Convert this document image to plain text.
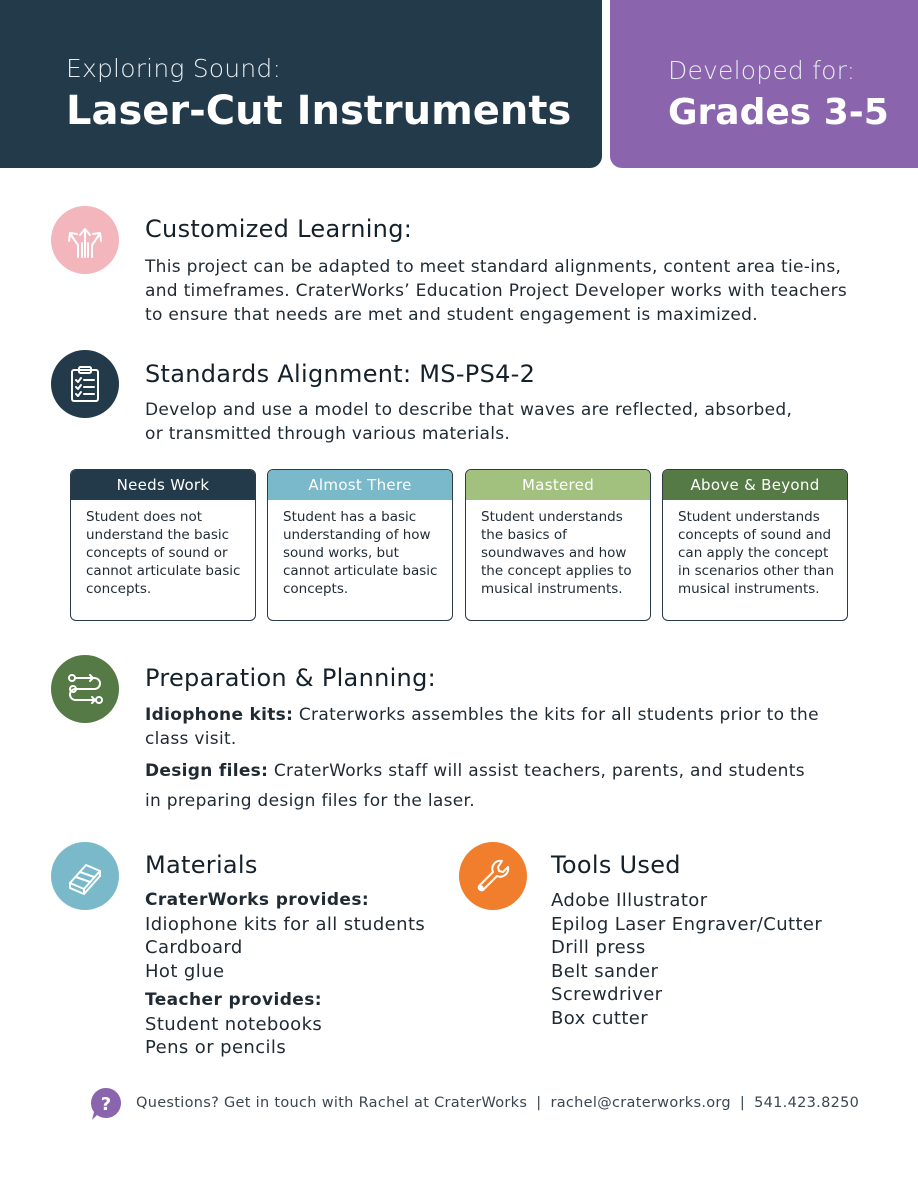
Exploring Sound:
Laser-Cut Instruments
Developed for:
Grades 3-5
Customized Learning:
This project can be adapted to meet standard alignments, content area tie-ins,
and timeframes. CraterWorks’ Education Project Developer works with teachers
to ensure that needs are met and student engagement is maximized.
Standards Alignment: MS-PS4-2
Develop and use a model to describe that waves are reflected, absorbed,
or transmitted through various materials.
Needs Work
Student does not
understand the basic
concepts of sound or
cannot articulate basic
concepts.
Almost There
Student has a basic
understanding of how
sound works, but
cannot articulate basic
concepts.
Mastered
Student understands
the basics of
soundwaves and how
the concept applies to
musical instruments.
Above & Beyond
Student understands
concepts of sound and
can apply the concept
in scenarios other than
musical instruments.
Preparation & Planning:
Idiophone kits: Craterworks assembles the kits for all students prior to the
class visit.
Design files: CraterWorks staff will assist teachers, parents, and students
in preparing design files for the laser.
Materials
CraterWorks provides:
Idiophone kits for all students
Cardboard
Hot glue
Teacher provides:
Student notebooks
Pens or pencils
Tools Used
Adobe Illustrator
Epilog Laser Engraver/Cutter
Drill press
Belt sander
Screwdriver
Box cutter
? Questions? Get in touch with Rachel at CraterWorks | rachel@craterworks.org | 541.423.8250
